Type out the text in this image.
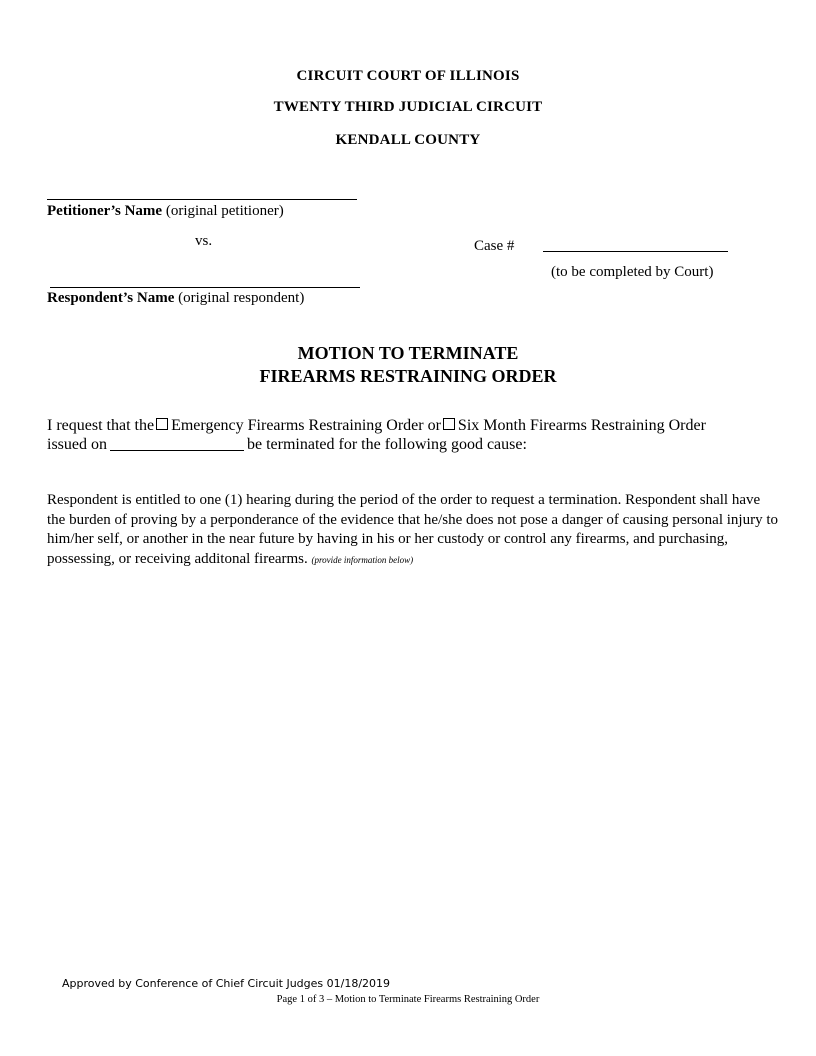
CIRCUIT COURT OF ILLINOIS
TWENTY THIRD JUDICIAL CIRCUIT
KENDALL COUNTY
Petitioner’s Name (original petitioner)
vs.	Case #
(to be completed by Court)
Respondent’s Name (original respondent)
MOTION TO TERMINATE
FIREARMS RESTRAINING ORDER
I request that the Emergency Firearms Restraining Order or Six Month Firearms Restraining Order
issued on	be terminated for the following good cause:
Respondent is entitled to one (1) hearing during the period of the order to request a termination. Respondent shall have the burden of proving by a perponderance of the evidence that he/she does not pose a danger of causing personal injury to him/her self, or another in the near future by having in his or her custody or control any firearms, and purchasing, possessing, or receiving additonal firearms. (provide information below)
Approved by Conference of Chief Circuit Judges 01/18/2019
Page 1 of 3 – Motion to Terminate Firearms Restraining Order
